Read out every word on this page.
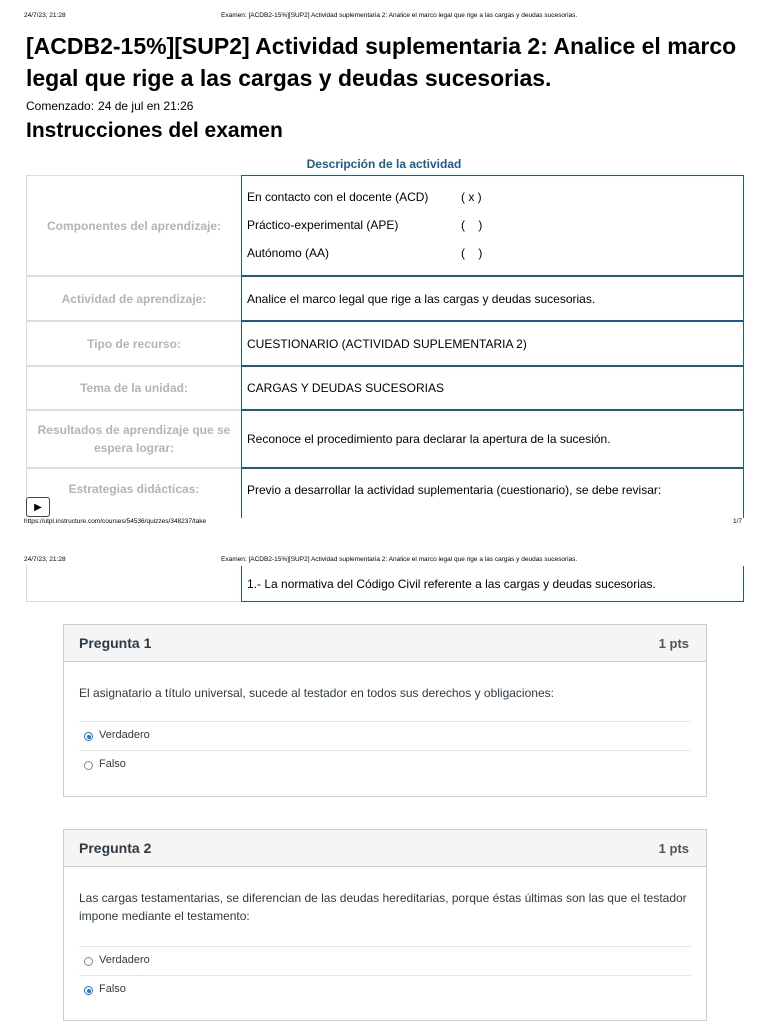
24/7/23, 21:28	Examen: [ACDB2-15%][SUP2] Actividad suplementaria 2: Analice el marco legal que rige a las cargas y deudas sucesorias.
[ACDB2-15%][SUP2] Actividad suplementaria 2: Analice el marco legal que rige a las cargas y deudas sucesorias.
Comenzado: 24 de jul en 21:26
Instrucciones del examen
Descripción de la actividad
Componentes del aprendizaje:
En contacto con el docente (ACD)	( x )
Práctico-experimental (APE)	(    )
Autónomo (AA)	(    )
Actividad de aprendizaje:	Analice el marco legal que rige a las cargas y deudas sucesorias.
Tipo de recurso:	CUESTIONARIO (ACTIVIDAD SUPLEMENTARIA 2)
Tema de la unidad:	CARGAS Y DEUDAS SUCESORIAS
Resultados de aprendizaje que se espera lograr:
Reconoce el procedimiento para declarar la apertura de la sucesión.
Estrategias didácticas:	Previo a desarrollar la actividad suplementaria (cuestionario), se debe revisar:
▶
https://utpl.instructure.com/courses/54536/quizzes/348237/take	1/7
24/7/23, 21:28	Examen: [ACDB2-15%][SUP2] Actividad suplementaria 2: Analice el marco legal que rige a las cargas y deudas sucesorias.
1.- La normativa del Código Civil referente a las cargas y deudas sucesorias.
Pregunta 1	1 pts
El asignatario a título universal, sucede al testador en todos sus derechos y obligaciones:
Verdadero
Falso
Pregunta 2	1 pts
Las cargas testamentarias, se diferencian de las deudas hereditarias, porque éstas últimas son las que el testador impone mediante el testamento:
Verdadero
Falso
